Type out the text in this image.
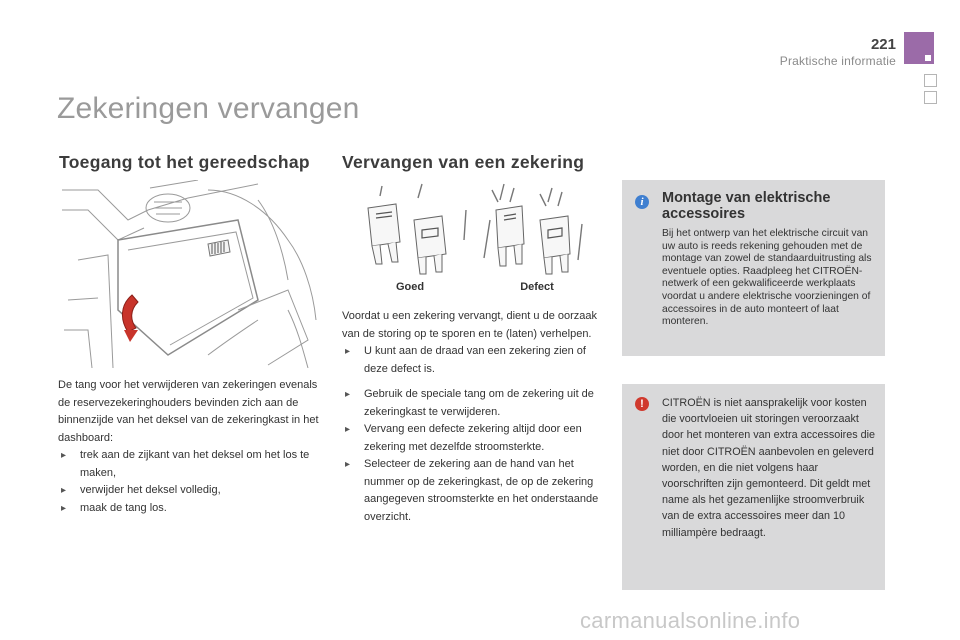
221
Praktische informatie
Zekeringen vervangen
Toegang tot het gereedschap Vervangen van een zekering
Goed	Defect
De tang voor het verwijderen van zekeringen evenals de reservezekeringhouders bevinden zich aan de binnenzijde van het deksel van de zekeringkast in het dashboard:
▸ trek aan de zijkant van het deksel om het los te maken,
▸ verwijder het deksel volledig,
▸ maak de tang los.
Voordat u een zekering vervangt, dient u de oorzaak van de storing op te sporen en te (laten) verhelpen.
▸ U kunt aan de draad van een zekering zien of deze defect is.
▸ Gebruik de speciale tang om de zekering uit de zekeringkast te verwijderen.
▸ Vervang een defecte zekering altijd door een zekering met dezelfde stroomsterkte.
▸ Selecteer de zekering aan de hand van het nummer op de zekeringkast, de op de zekering aangegeven stroomsterkte en het onderstaande overzicht.
i	Montage van elektrische accessoires
Bij het ontwerp van het elektrische circuit van uw auto is reeds rekening gehouden met de montage van zowel de standaarduitrusting als eventuele opties. Raadpleeg het CITROËN-netwerk of een gekwalificeerde werkplaats voordat u andere elektrische voorzieningen of accessoires in de auto monteert of laat monteren.
!	CITROËN is niet aansprakelijk voor kosten die voortvloeien uit storingen veroorzaakt door het monteren van extra accessoires die niet door CITROËN aanbevolen en geleverd worden, en die niet volgens haar voorschriften zijn gemonteerd. Dit geldt met name als het gezamenlijke stroomverbruik van de extra accessoires meer dan 10 milliampère bedraagt.
carmanualsonline.info
